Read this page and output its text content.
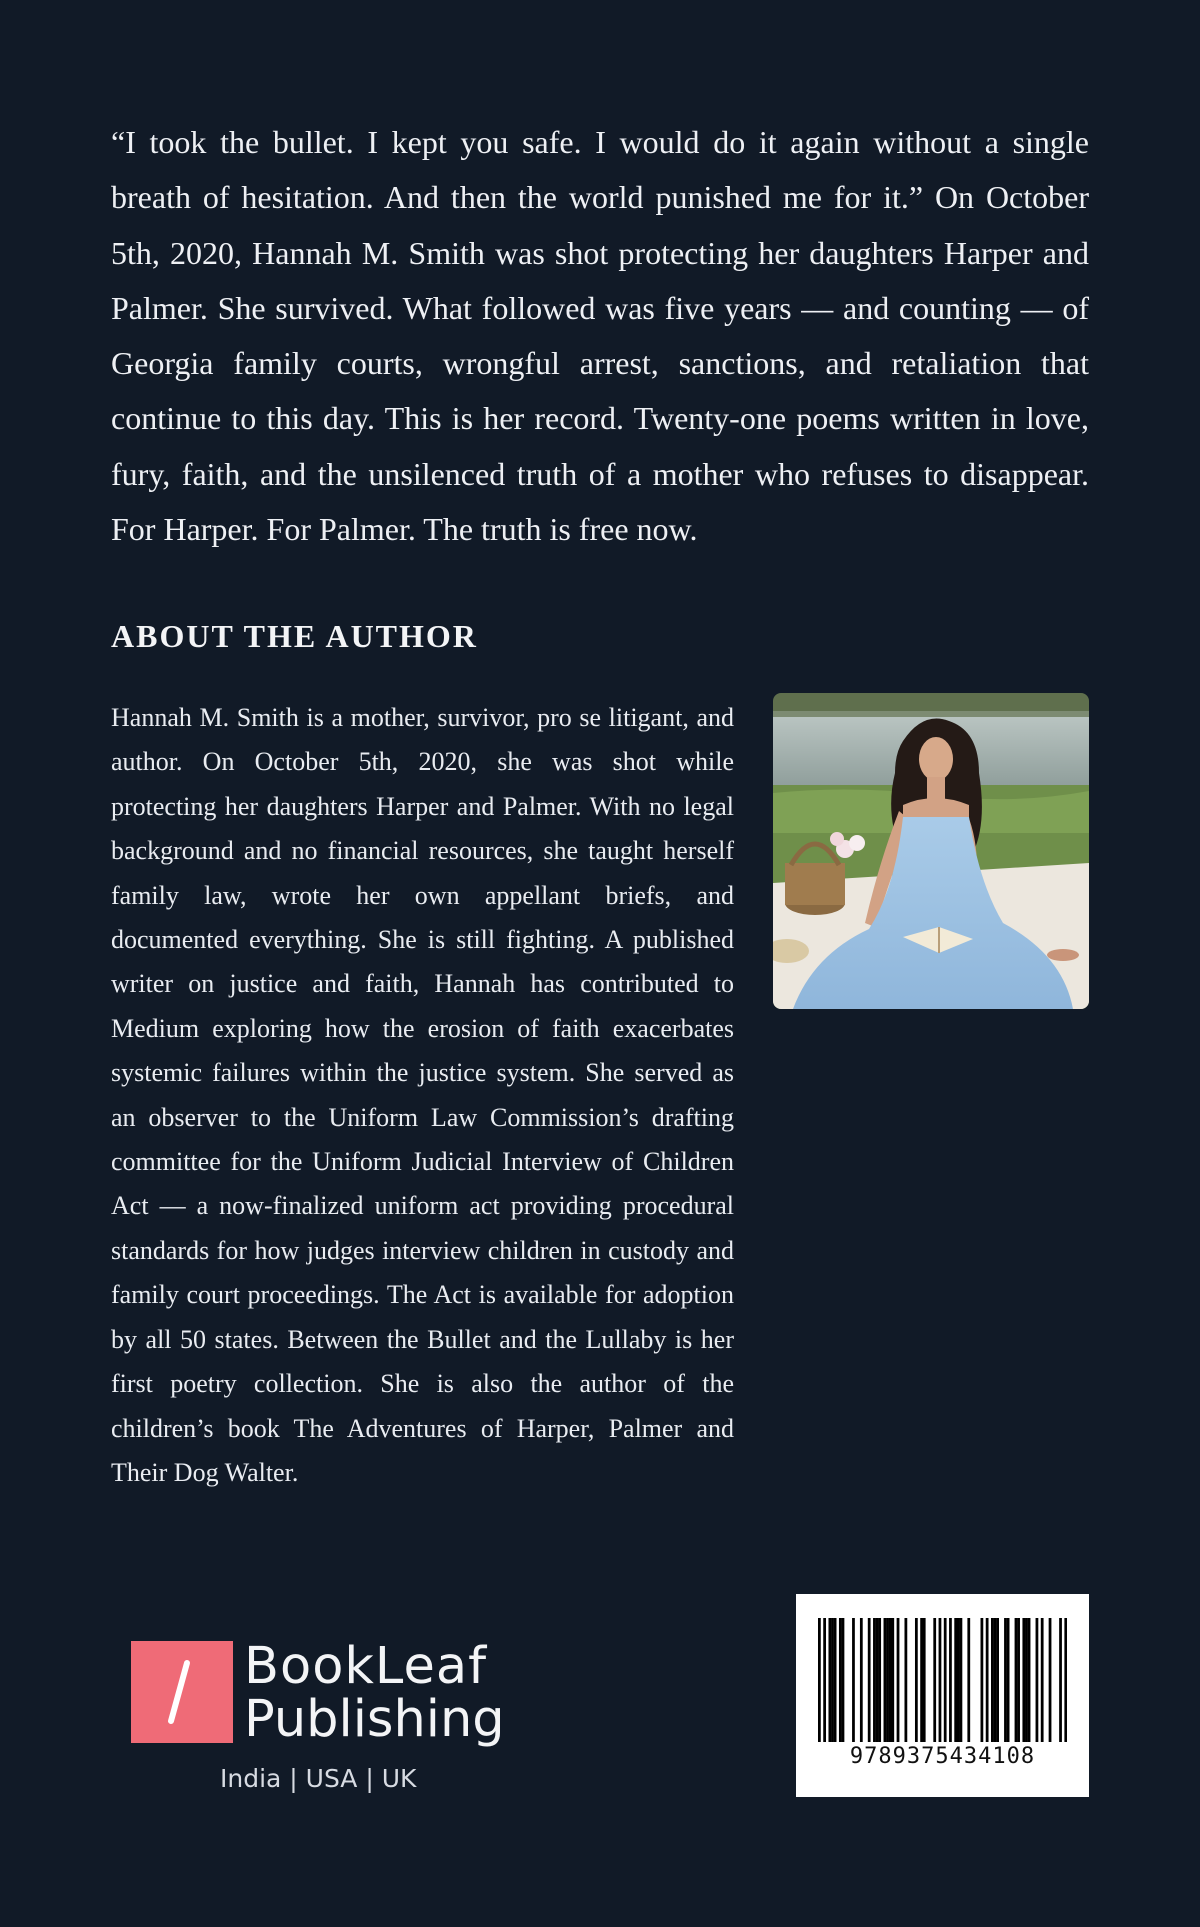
“I took the bullet. I kept you safe. I would do it again without a single breath of hesitation. And then the world punished me for it.” On October 5th, 2020, Hannah M. Smith was shot protecting her daughters Harper and Palmer. She survived. What followed was five years — and counting — of Georgia family courts, wrongful arrest, sanctions, and retaliation that continue to this day. This is her record. Twenty-one poems written in love, fury, faith, and the unsilenced truth of a mother who refuses to disappear. For Harper. For Palmer. The truth is free now.

ABOUT THE AUTHOR

Hannah M. Smith is a mother, survivor, pro se litigant, and author. On October 5th, 2020, she was shot while protecting her daughters Harper and Palmer. With no legal background and no financial resources, she taught herself family law, wrote her own appellant briefs, and documented everything. She is still fighting. A published writer on justice and faith, Hannah has contributed to Medium exploring how the erosion of faith exacerbates systemic failures within the justice system. She served as an observer to the Uniform Law Commission’s drafting committee for the Uniform Judicial Interview of Children Act — a now-finalized uniform act providing procedural standards for how judges interview children in custody and family court proceedings. The Act is available for adoption by all 50 states. Between the Bullet and the Lullaby is her first poetry collection. She is also the author of the children’s book The Adventures of Harper, Palmer and Their Dog Walter.

BookLeaf
Publishing
India | USA | UK
9789375434108
